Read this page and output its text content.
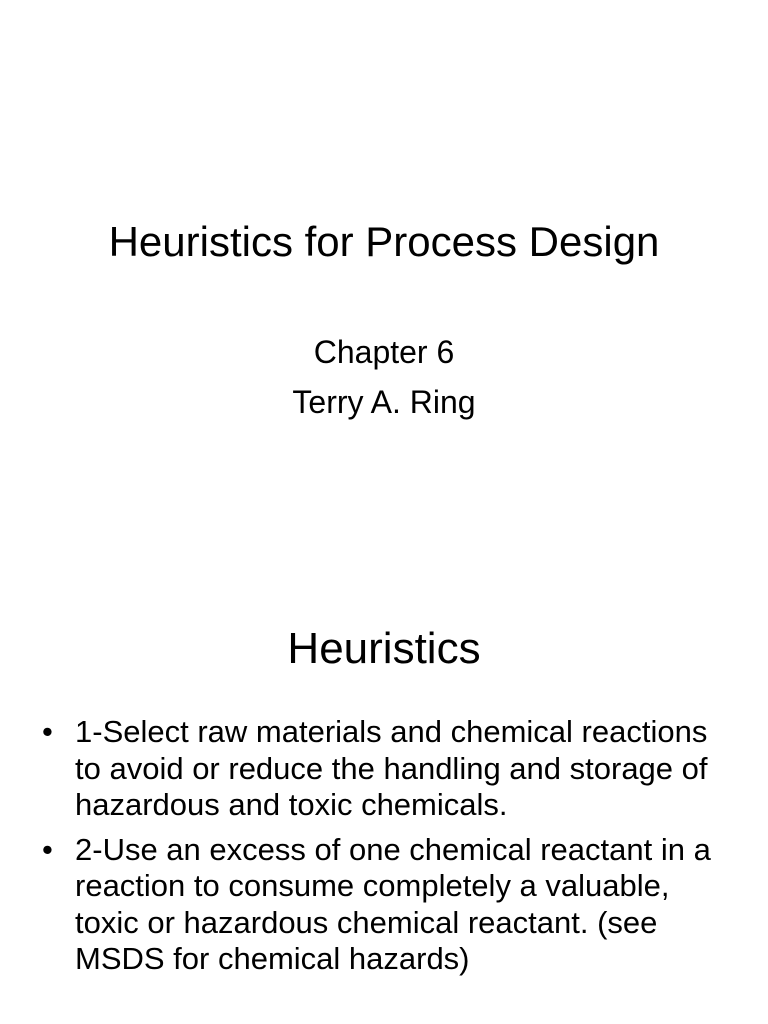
Heuristics for Process Design
Chapter 6
Terry A. Ring
Heuristics
• 1-Select raw materials and chemical reactions to avoid or reduce the handling and storage of hazardous and toxic chemicals.
• 2-Use an excess of one chemical reactant in a reaction to consume completely a valuable, toxic or hazardous chemical reactant. (see MSDS for chemical hazards)
